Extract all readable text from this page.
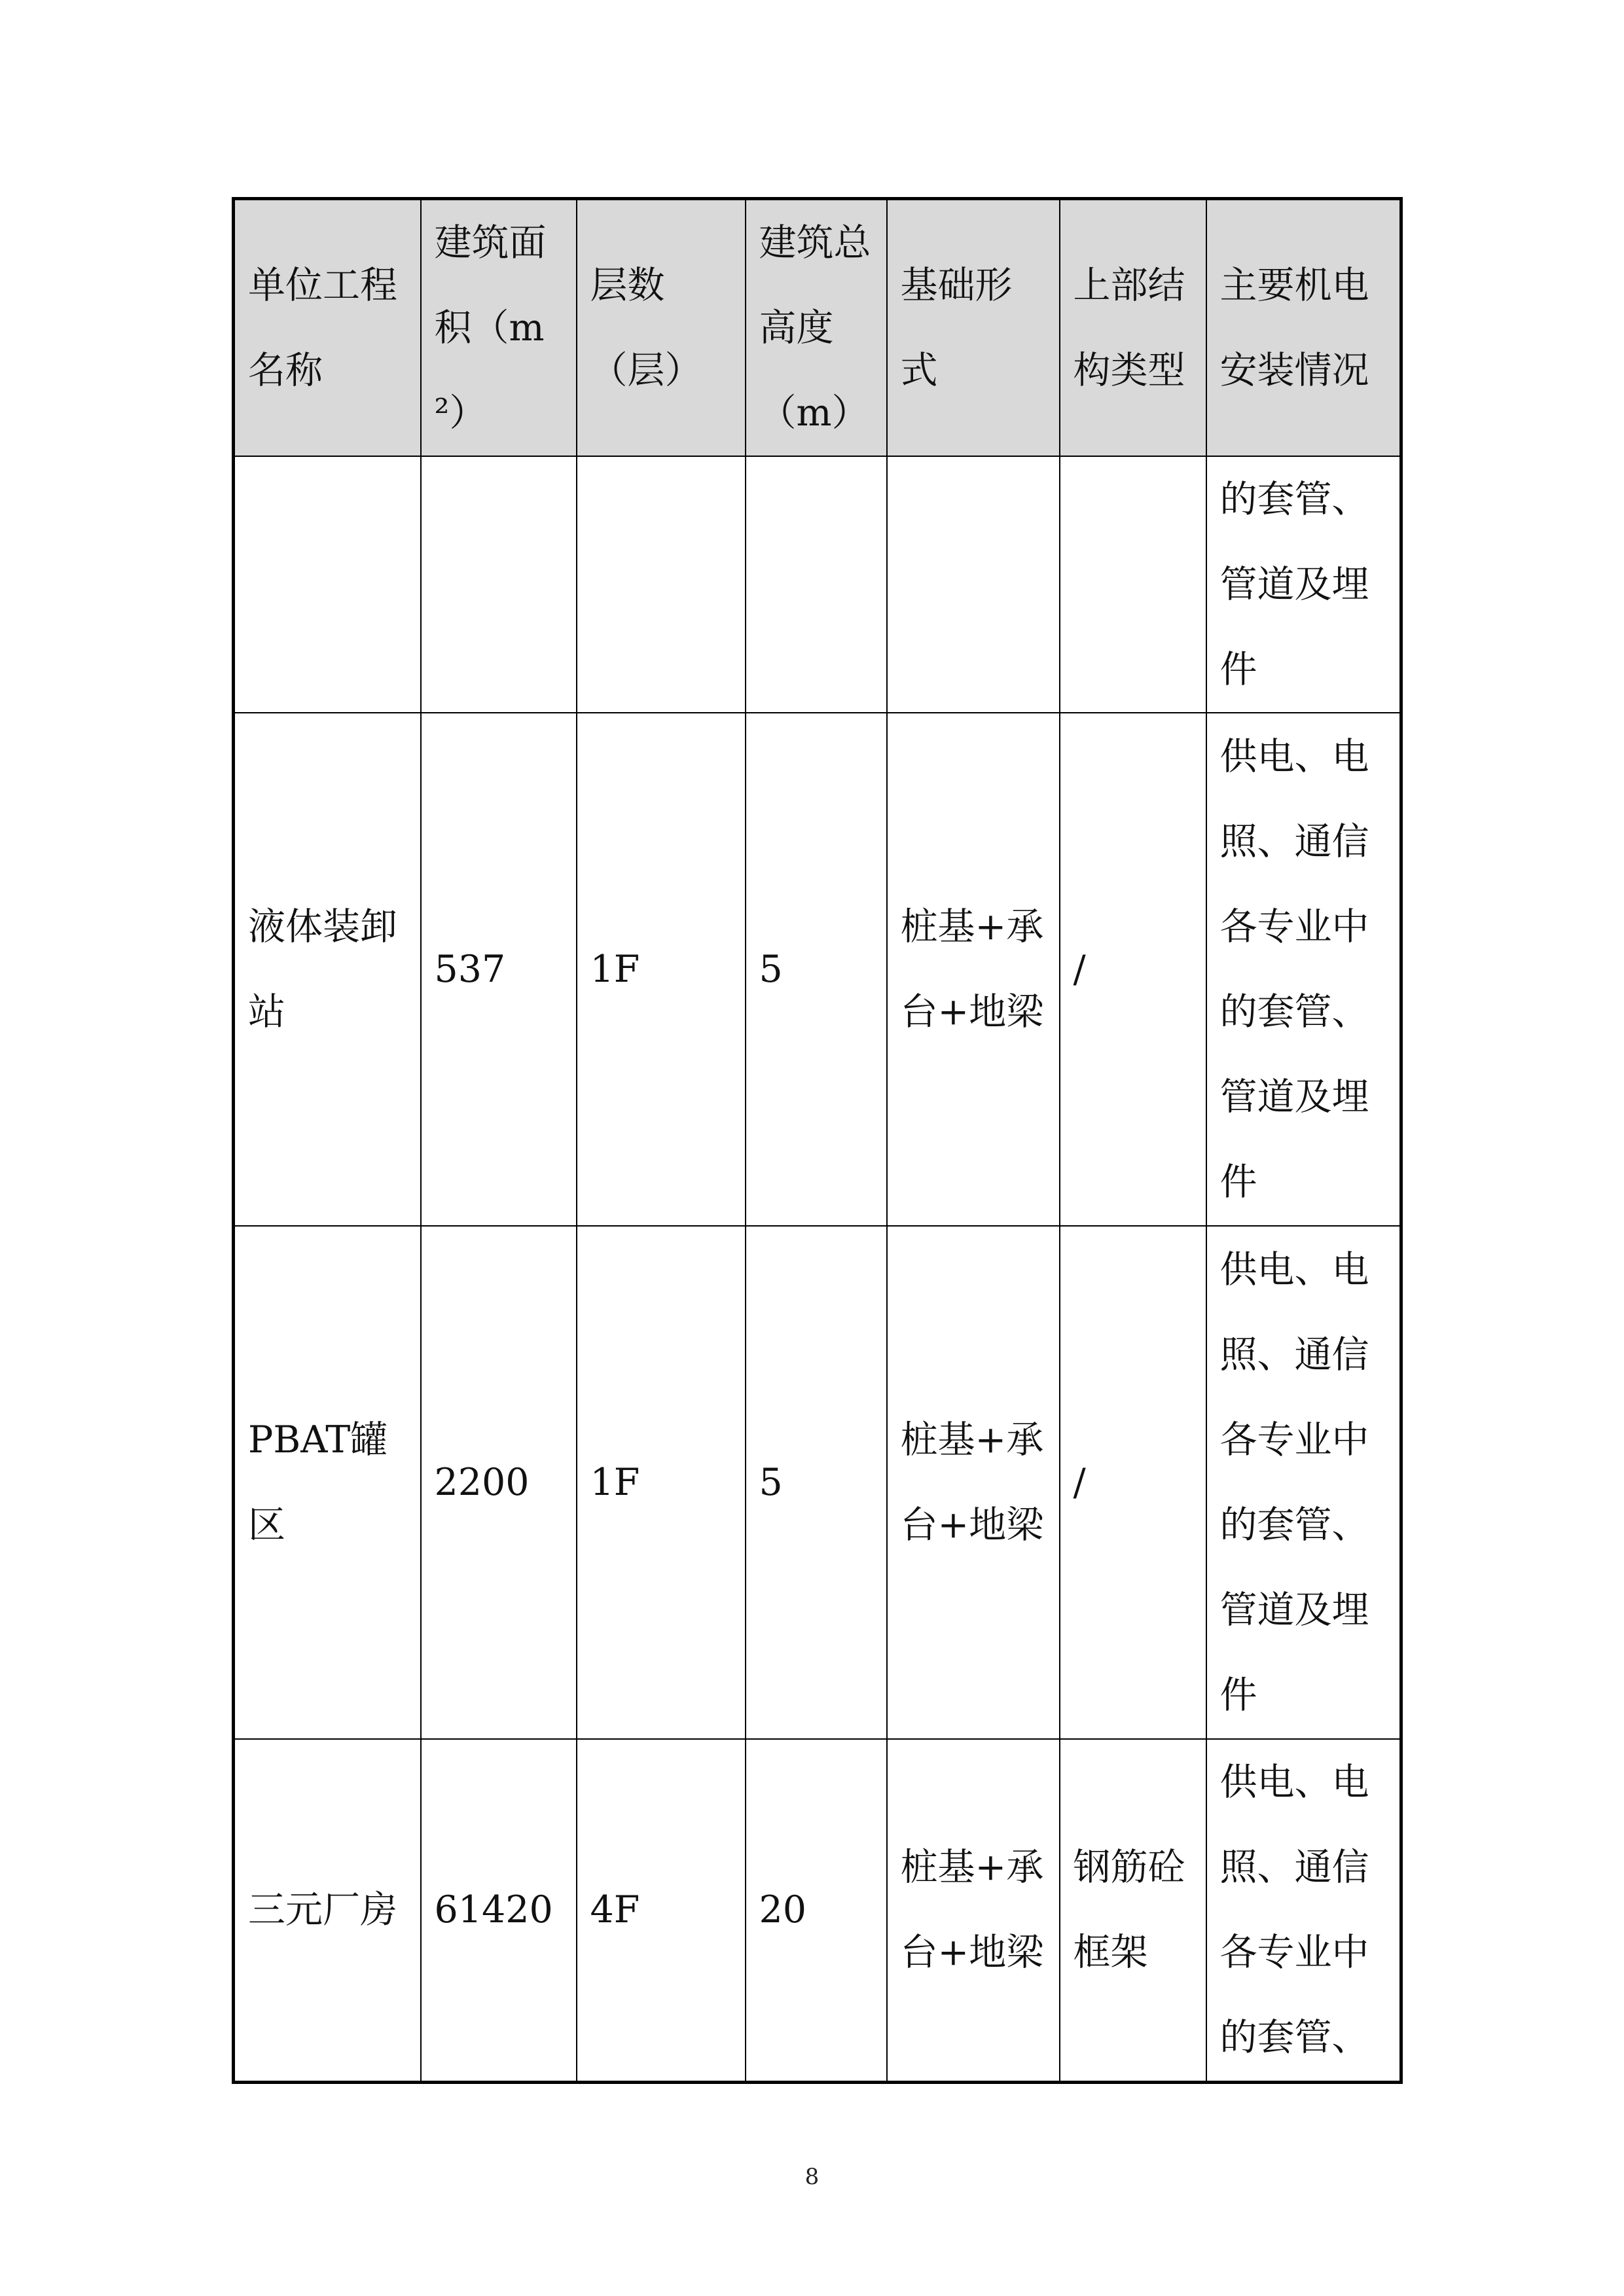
单位工程名称	建筑面积（m²）	层数（层）	建筑总高度（m）	基础形式	上部结构类型	主要机电安装情况
						的套管、管道及埋件
液体装卸站	537	1F	5	桩基+承台+地梁	/	供电、电照、通信各专业中的套管、管道及埋件
PBAT罐区	2200	1F	5	桩基+承台+地梁	/	供电、电照、通信各专业中的套管、管道及埋件
三元厂房	61420	4F	20	桩基+承台+地梁	钢筋砼框架	供电、电照、通信各专业中的套管、
8
